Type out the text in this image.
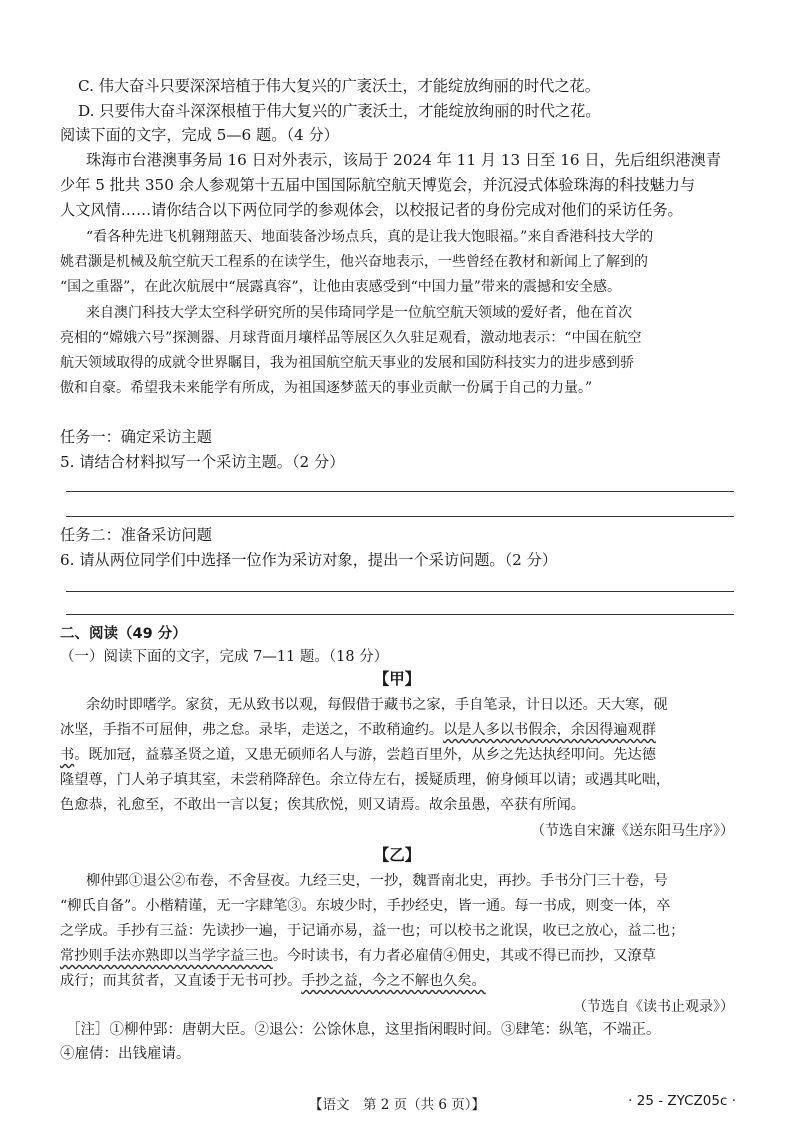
C. 伟大奋斗只要深深培植于伟大复兴的广袤沃土，才能绽放绚丽的时代之花。
D. 只要伟大奋斗深深根植于伟大复兴的广袤沃土，才能绽放绚丽的时代之花。
阅读下面的文字，完成 5—6 题。（4 分）
珠海市台港澳事务局 16 日对外表示，该局于 2024 年 11 月 13 日至 16 日，先后组织港澳青
少年 5 批共 350 余人参观第十五届中国国际航空航天博览会，并沉浸式体验珠海的科技魅力与
人文风情……请你结合以下两位同学的参观体会，以校报记者的身份完成对他们的采访任务。
“看各种先进飞机翱翔蓝天、地面装备沙场点兵，真的是让我大饱眼福。”来自香港科技大学的
姚君灏是机械及航空航天工程系的在读学生，他兴奋地表示，一些曾经在教材和新闻上了解到的
“国之重器”，在此次航展中“展露真容”，让他由衷感受到“中国力量”带来的震撼和安全感。
来自澳门科技大学太空科学研究所的吴伟琦同学是一位航空航天领域的爱好者，他在首次
亮相的“嫦娥六号”探测器、月球背面月壤样品等展区久久驻足观看，激动地表示：“中国在航空
航天领域取得的成就令世界瞩目，我为祖国航空航天事业的发展和国防科技实力的进步感到骄
傲和自豪。希望我未来能学有所成，为祖国逐梦蓝天的事业贡献一份属于自己的力量。”
任务一：确定采访主题
5. 请结合材料拟写一个采访主题。（2 分）
任务二：准备采访问题
6. 请从两位同学们中选择一位作为采访对象，提出一个采访问题。（2 分）
二、阅读（49 分）
（一）阅读下面的文字，完成 7—11 题。（18 分）
【甲】
余幼时即嗜学。家贫，无从致书以观，每假借于藏书之家，手自笔录，计日以还。天大寒，砚
冰坚，手指不可屈伸，弗之怠。录毕，走送之，不敢稍逾约。以是人多以书假余，余因得遍观群
书。既加冠，益慕圣贤之道，又患无硕师名人与游，尝趋百里外，从乡之先达执经叩问。先达德
隆望尊，门人弟子填其室，未尝稍降辞色。余立侍左右，援疑质理，俯身倾耳以请；或遇其叱咄，
色愈恭，礼愈至，不敢出一言以复；俟其欣悦，则又请焉。故余虽愚，卒获有所闻。
（节选自宋濂《送东阳马生序》）
【乙】
柳仲郢①退公②布卷，不舍昼夜。九经三史，一抄，魏晋南北史，再抄。手书分门三十卷，号
“柳氏自备”。小楷精谨，无一字肆笔③。东坡少时，手抄经史，皆一通。每一书成，则变一体，卒
之学成。手抄有三益：先读抄一遍，于记诵亦易，益一也；可以校书之讹误，收已之放心，益二也；
常抄则手法亦熟即以当学字益三也。今时读书，有力者必雇倩④佣史，其或不得已而抄，又潦草
成行；而其贫者，又直诿于无书可抄。手抄之益，今之不解也久矣。
（节选自《读书止观录》）
［注］①柳仲郢：唐朝大臣。②退公：公馀休息，这里指闲暇时间。③肆笔：纵笔，不端正。
④雇倩：出钱雇请。
【语文　第 2 页（共 6 页）】	· 25 - ZYCZ05c ·
